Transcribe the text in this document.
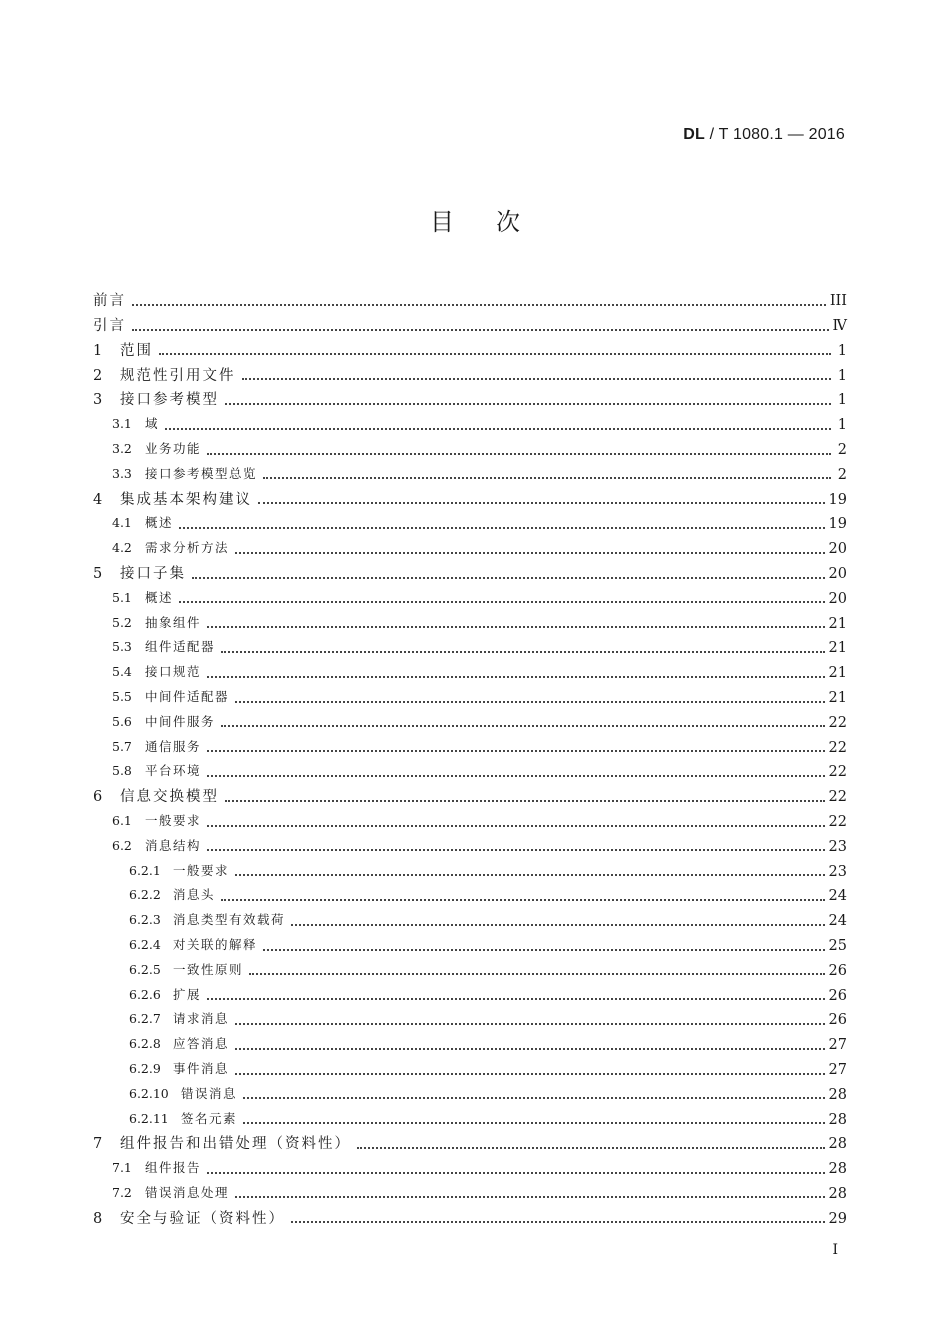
DL / T 1080.1 — 2016
目次
前言	III
引言	Ⅳ
1	范围	1
2	规范性引用文件	1
3	接口参考模型	1
3.1	域	1
3.2	业务功能	2
3.3	接口参考模型总览	2
4	集成基本架构建议	19
4.1	概述	19
4.2	需求分析方法	20
5	接口子集	20
5.1	概述	20
5.2	抽象组件	21
5.3	组件适配器	21
5.4	接口规范	21
5.5	中间件适配器	21
5.6	中间件服务	22
5.7	通信服务	22
5.8	平台环境	22
6	信息交换模型	22
6.1	一般要求	22
6.2	消息结构	23
6.2.1 一般要求	23
6.2.2 消息头	24
6.2.3 消息类型有效载荷	24
6.2.4 对关联的解释	25
6.2.5 一致性原则	26
6.2.6 扩展	26
6.2.7 请求消息	26
6.2.8 应答消息	27
6.2.9 事件消息	27
6.2.10 错误消息	28
6.2.11 签名元素	28
7	组件报告和出错处理（资料性）	28
7.1	组件报告	28
7.2	错误消息处理	28
8	安全与验证（资料性）	29
I
